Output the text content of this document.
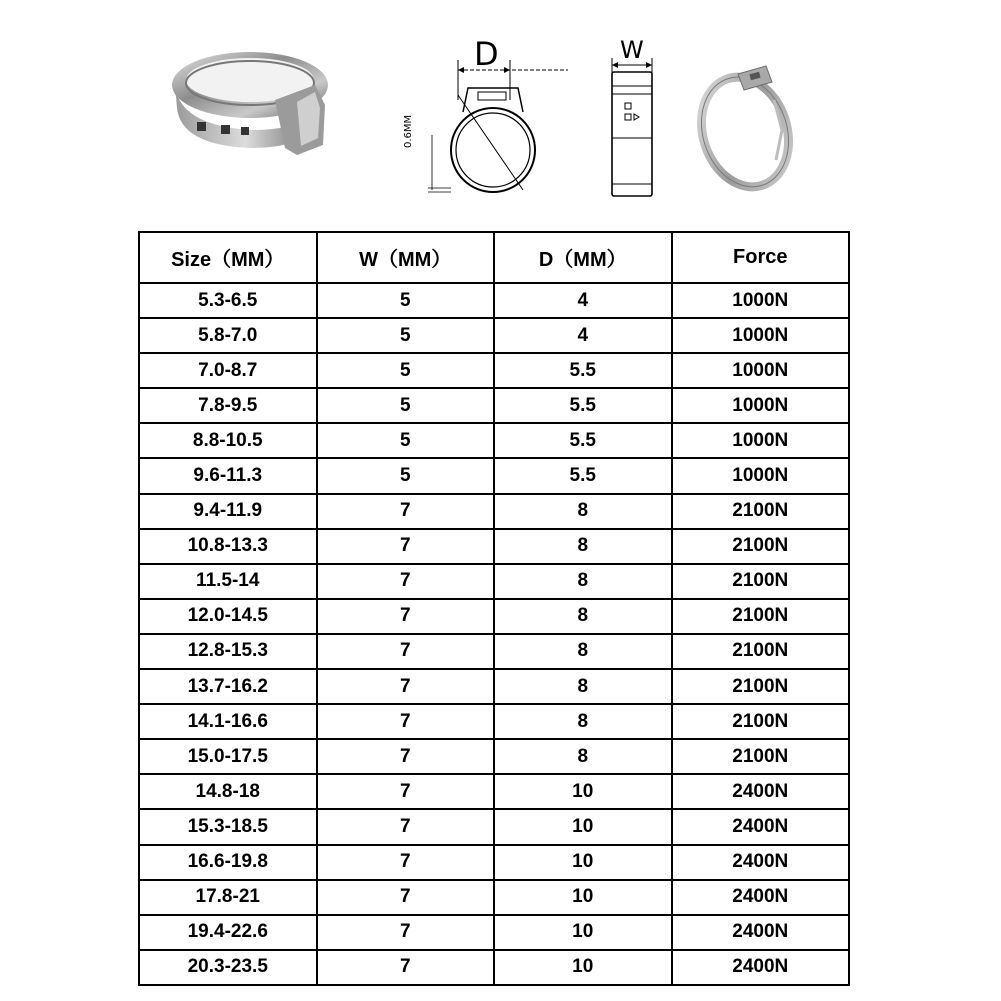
D
0.6MM
W
Size（MM）	W（MM）	D（MM）	Force
5.3-6.5	5	4	1000N
5.8-7.0	5	4	1000N
7.0-8.7	5	5.5	1000N
7.8-9.5	5	5.5	1000N
8.8-10.5	5	5.5	1000N
9.6-11.3	5	5.5	1000N
9.4-11.9	7	8	2100N
10.8-13.3	7	8	2100N
11.5-14	7	8	2100N
12.0-14.5	7	8	2100N
12.8-15.3	7	8	2100N
13.7-16.2	7	8	2100N
14.1-16.6	7	8	2100N
15.0-17.5	7	8	2100N
14.8-18	7	10	2400N
15.3-18.5	7	10	2400N
16.6-19.8	7	10	2400N
17.8-21	7	10	2400N
19.4-22.6	7	10	2400N
20.3-23.5	7	10	2400N
